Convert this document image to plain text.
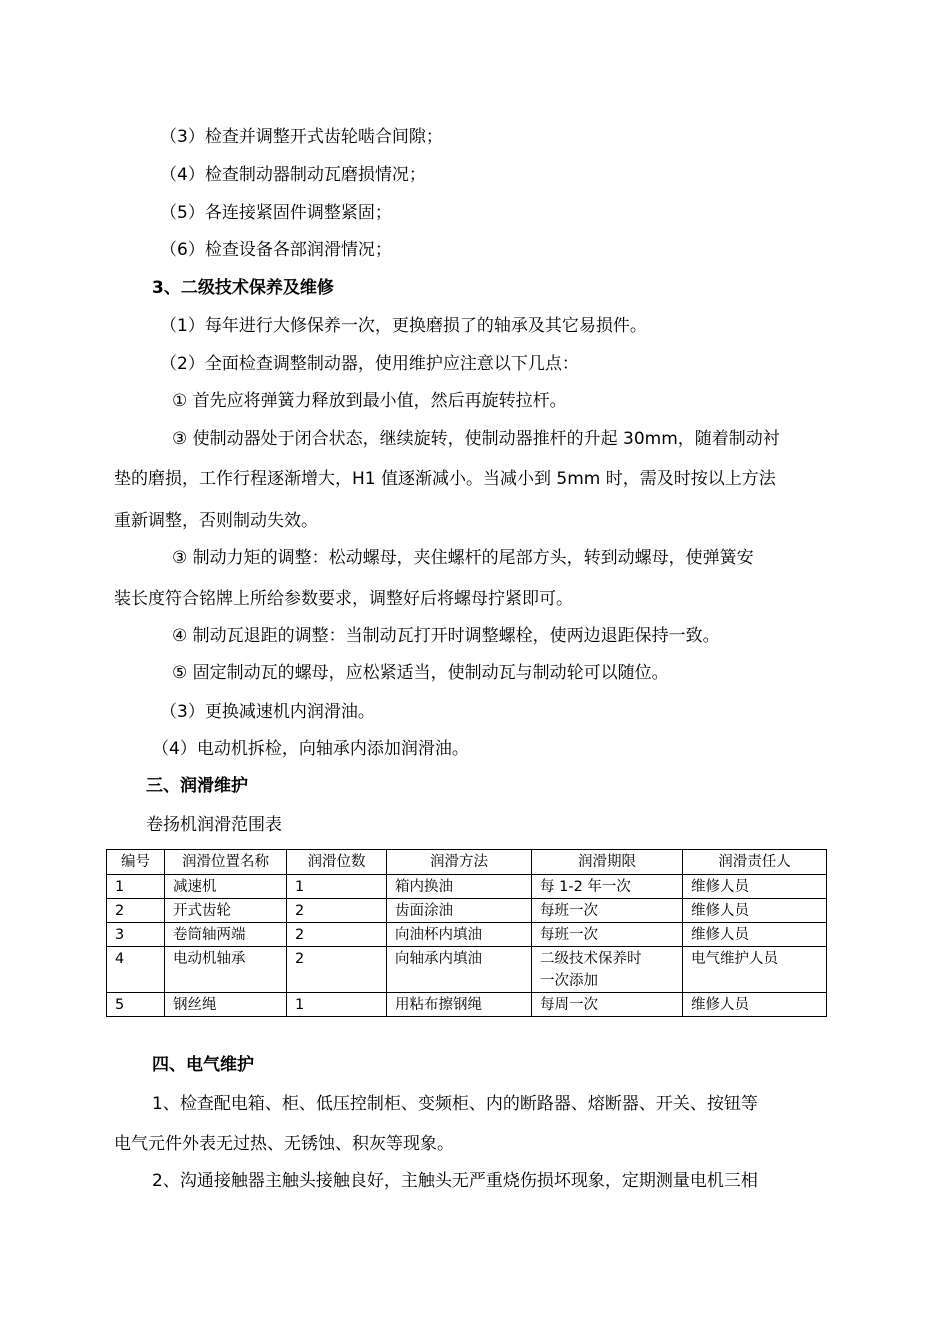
（3）检查并调整开式齿轮啮合间隙；
（4）检查制动器制动瓦磨损情况；
（5）各连接紧固件调整紧固；
（6）检查设备各部润滑情况；
3、二级技术保养及维修
（1）每年进行大修保养一次，更换磨损了的轴承及其它易损件。
（2）全面检查调整制动器，使用维护应注意以下几点：
① 首先应将弹簧力释放到最小值，然后再旋转拉杆。
③ 使制动器处于闭合状态，继续旋转，使制动器推杆的升起 30mm，随着制动衬
垫的磨损，工作行程逐渐增大，H1 值逐渐减小。当减小到 5mm 时，需及时按以上方法
重新调整，否则制动失效。
③ 制动力矩的调整：松动螺母，夹住螺杆的尾部方头，转到动螺母，使弹簧安
装长度符合铭牌上所给参数要求，调整好后将螺母拧紧即可。
④ 制动瓦退距的调整：当制动瓦打开时调整螺栓，使两边退距保持一致。
⑤ 固定制动瓦的螺母，应松紧适当，使制动瓦与制动轮可以随位。
（3）更换减速机内润滑油。
（4）电动机拆检，向轴承内添加润滑油。
三、润滑维护
卷扬机润滑范围表
编号	润滑位置名称	润滑位数	润滑方法	润滑期限	润滑责任人
1	减速机	1	箱内换油	每 1-2 年一次	维修人员
2	开式齿轮	2	齿面涂油	每班一次	维修人员
3	卷筒轴两端	2	向油杯内填油	每班一次	维修人员
4	电动机轴承	2	向轴承内填油	二级技术保养时
一次添加	电气维护人员
5	钢丝绳	1	用粘布擦钢绳	每周一次	维修人员
四、电气维护
1、检查配电箱、柜、低压控制柜、变频柜、内的断路器、熔断器、开关、按钮等
电气元件外表无过热、无锈蚀、积灰等现象。
2、沟通接触器主触头接触良好，主触头无严重烧伤损坏现象，定期测量电机三相
